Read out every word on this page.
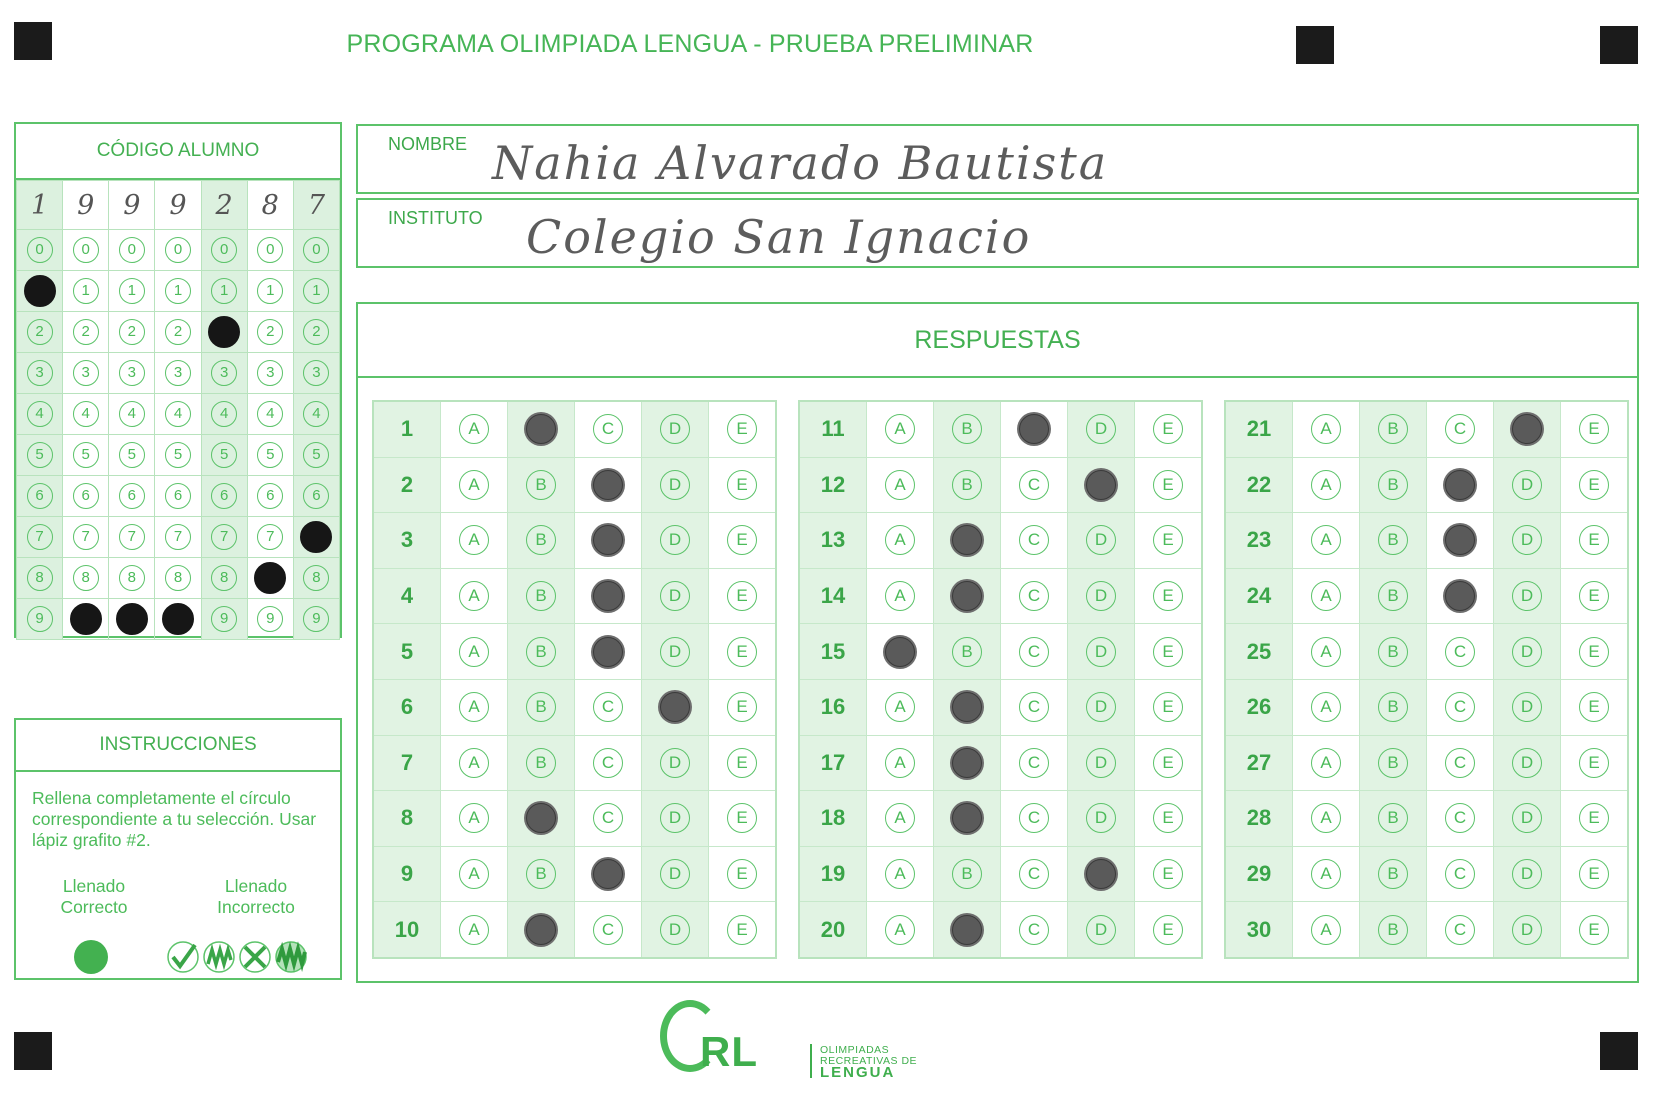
PROGRAMA OLIMPIADA LENGUA - PRUEBA PRELIMINAR
CÓDIGO ALUMNO
1	9	9	9	2	8	7
0	0	0	0	0	0	0
	1	1	1	1	1	1
2	2	2	2		2	2
3	3	3	3	3	3	3
4	4	4	4	4	4	4
5	5	5	5	5	5	5
6	6	6	6	6	6	6
7	7	7	7	7	7	
8	8	8	8	8		8
9				9	9	9
INSTRUCCIONES
Rellena completamente el círculo correspondiente a tu selección. Usar lápiz grafito #2.
Llenado Correcto
Llenado Incorrecto
NOMBRE Nahia Alvarado Bautista
INSTITUTO Colegio San Ignacio
RESPUESTAS
1	A		C	D	E
2	A	B		D	E
3	A	B		D	E
4	A	B		D	E
5	A	B		D	E
6	A	B	C		E
7	A	B	C	D	E
8	A		C	D	E
9	A	B		D	E
10	A		C	D	E
11	A	B		D	E
12	A	B	C		E
13	A		C	D	E
14	A		C	D	E
15		B	C	D	E
16	A		C	D	E
17	A		C	D	E
18	A		C	D	E
19	A	B	C		E
20	A		C	D	E
21	A	B	C		E
22	A	B		D	E
23	A	B		D	E
24	A	B		D	E
25	A	B	C	D	E
26	A	B	C	D	E
27	A	B	C	D	E
28	A	B	C	D	E
29	A	B	C	D	E
30	A	B	C	D	E
RL	OLIMPIADAS
RECREATIVAS DE
LENGUA
